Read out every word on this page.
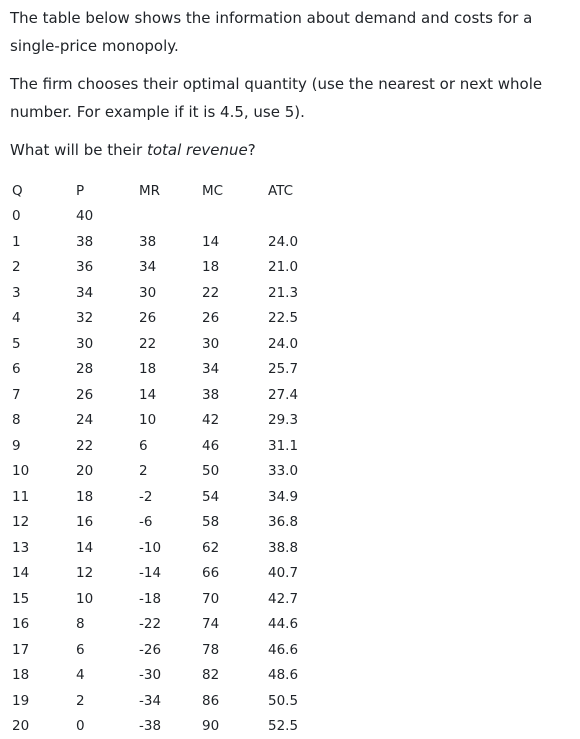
The table below shows the information about demand and costs for a single-price monopoly.

The firm chooses their optimal quantity (use the nearest or next whole number. For example if it is 4.5, use 5).

What will be their total revenue?

Q	P	MR	MC	ATC
0	40			
1	38	38	14	24.0
2	36	34	18	21.0
3	34	30	22	21.3
4	32	26	26	22.5
5	30	22	30	24.0
6	28	18	34	25.7
7	26	14	38	27.4
8	24	10	42	29.3
9	22	6	46	31.1
10	20	2	50	33.0
11	18	-2	54	34.9
12	16	-6	58	36.8
13	14	-10	62	38.8
14	12	-14	66	40.7
15	10	-18	70	42.7
16	8	-22	74	44.6
17	6	-26	78	46.6
18	4	-30	82	48.6
19	2	-34	86	50.5
20	0	-38	90	52.5
